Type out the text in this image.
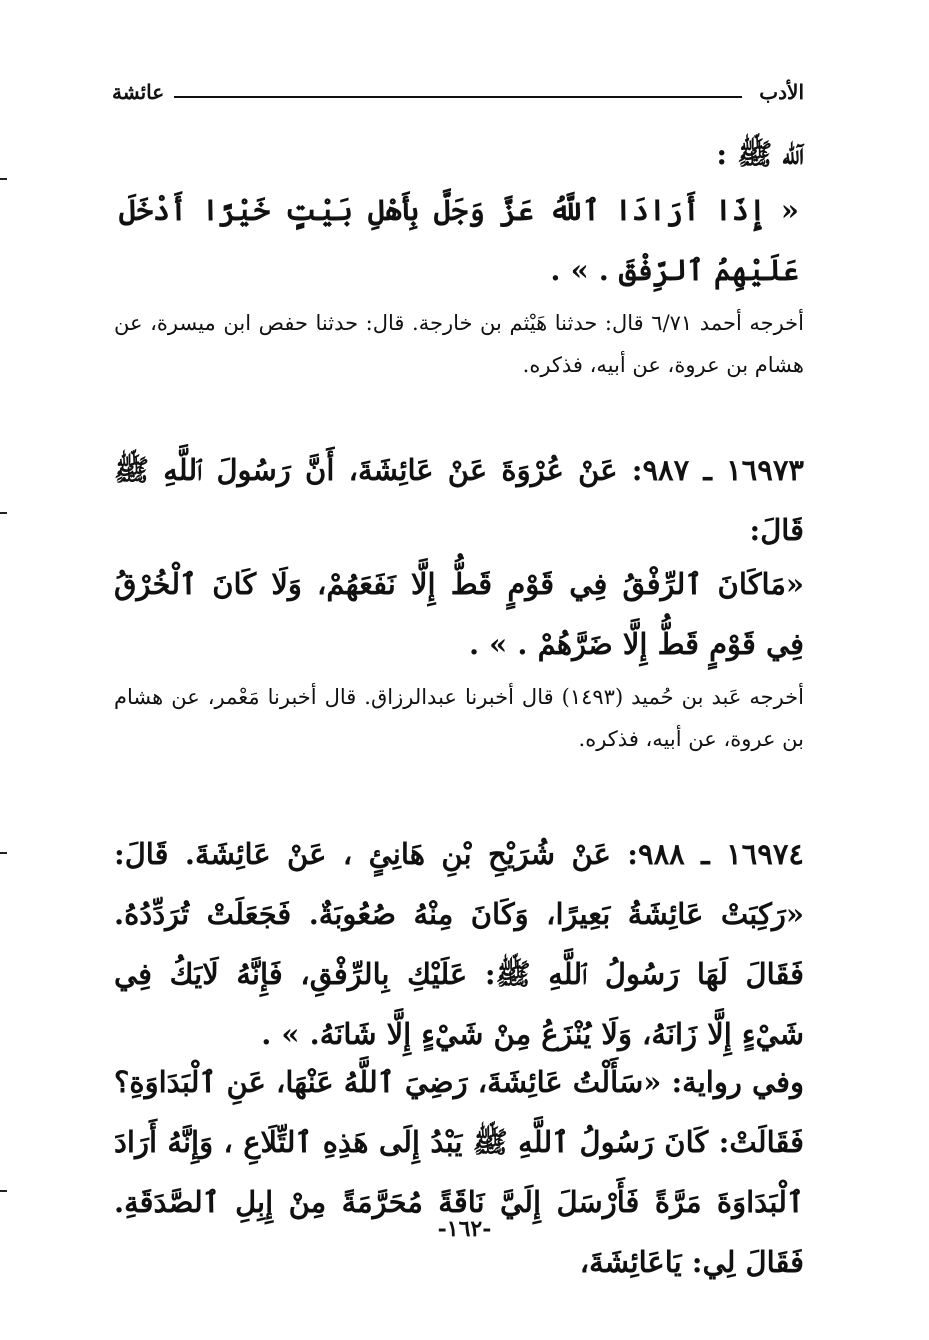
الأدب
عائشة
آلله ﷺ :
« إِذَا أَرَادَا ٱللَّهُ عَزَّ وَجَلَّ بِأَهْلِ بَيْتٍ خَيْرًا أَدْخَلَ عَلَيْهِمُ ٱلرِّفْقَ . » .
أخرجه أحمد ٦/٧١ قال: حدثنا هَيْثم بن خارجة. قال: حدثنا حفص ابن ميسرة، عن هشام بن عروة، عن أبيه، فذكره.
١٦٩٧٣ ـ ٩٨٧: عَنْ عُرْوَةَ عَنْ عَائِشَةَ، أَنَّ رَسُولَ ٱللَّهِ ﷺ قَالَ:
«مَاكَانَ ٱلرِّفْقُ فِي قَوْمٍ قَطُّ إِلَّا نَفَعَهُمْ، وَلَا كَانَ ٱلْخُرْقُ فِي قَوْمٍ قَطُّ إِلَّا ضَرَّهُمْ . » .
أخرجه عَبد بن حُميد (١٤٩٣) قال أخبرنا عبدالرزاق. قال أخبرنا مَعْمر، عن هشام بن عروة، عن أبيه، فذكره.
١٦٩٧٤ ـ ٩٨٨: عَنْ شُرَيْحِ بْنِ هَانِئٍ ، عَنْ عَائِشَةَ. قَالَ: «رَكِبَتْ عَائِشَةُ بَعِيرًا، وَكَانَ مِنْهُ صُعُوبَةٌ. فَجَعَلَتْ تُرَدِّدُهُ. فَقَالَ لَهَا رَسُولُ ٱللَّهِ ﷺ: عَلَيْكِ بِالرِّفْقِ، فَإِنَّهُ لَايَكُ فِي شَيْءٍ إِلَّا زَانَهُ، وَلَا يُنْزَعُ مِنْ شَيْءٍ إِلَّا شَانَهُ. » .
وفي رواية: «سَأَلْتُ عَائِشَةَ، رَضِيَ ٱللَّهُ عَنْهَا، عَنِ ٱلْبَدَاوَةِ؟ فَقَالَتْ: كَانَ رَسُولُ ٱللَّهِ ﷺ يَبْدُ إِلَى هَذِهِ ٱلتِّلَاعِ ، وَإِنَّهُ أَرَادَ ٱلْبَدَاوَةَ مَرَّةً فَأَرْسَلَ إِلَيَّ نَاقَةً مُحَرَّمَةً مِنْ إِبِلِ ٱلصَّدَقَةِ. فَقَالَ لِي: يَاعَائِشَةَ،
-١٦٢-
